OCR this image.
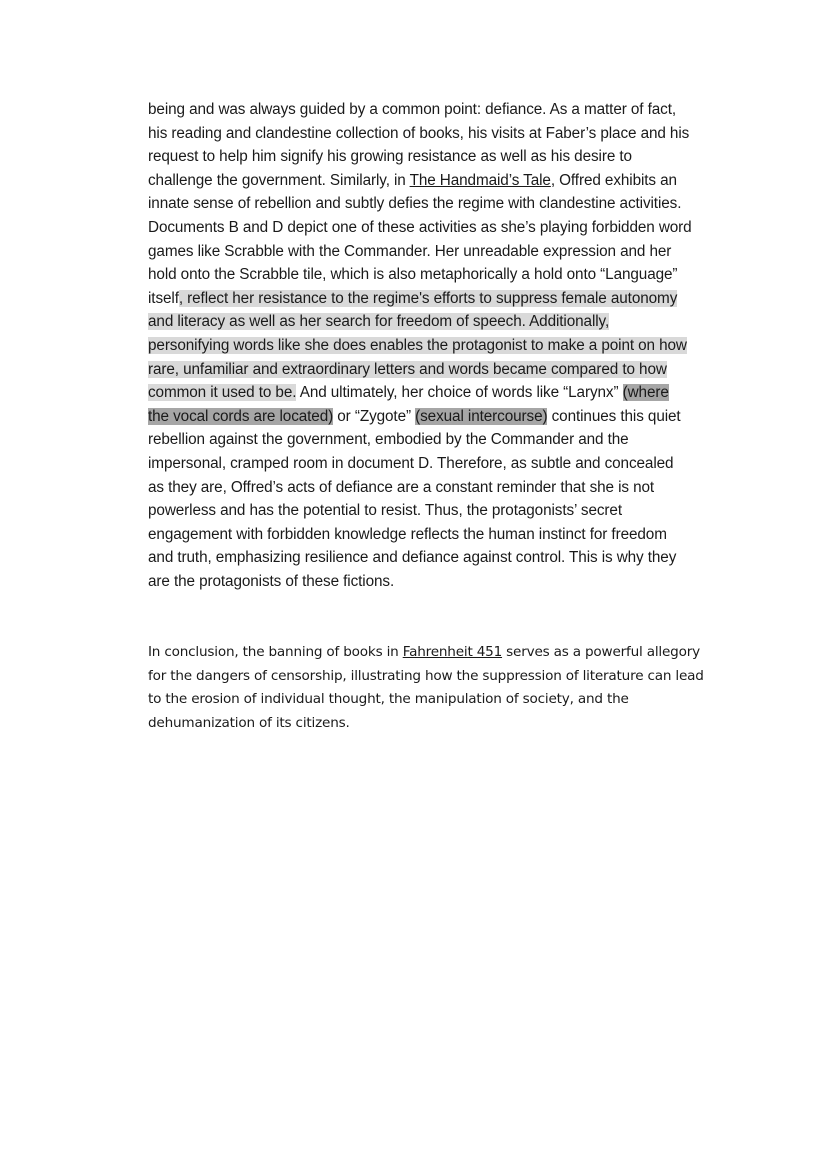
being and was always guided by a common point: defiance. As a matter of fact,
his reading and clandestine collection of books, his visits at Faber’s place and his
request to help him signify his growing resistance as well as his desire to
challenge the government. Similarly, in The Handmaid’s Tale, Offred exhibits an
innate sense of rebellion and subtly defies the regime with clandestine activities.
Documents B and D depict one of these activities as she’s playing forbidden word
games like Scrabble with the Commander. Her unreadable expression and her
hold onto the Scrabble tile, which is also metaphorically a hold onto “Language”
itself, reflect her resistance to the regime's efforts to suppress female autonomy
and literacy as well as her search for freedom of speech. Additionally,
personifying words like she does enables the protagonist to make a point on how
rare, unfamiliar and extraordinary letters and words became compared to how
common it used to be. And ultimately, her choice of words like “Larynx” (where
the vocal cords are located) or “Zygote” (sexual intercourse) continues this quiet
rebellion against the government, embodied by the Commander and the
impersonal, cramped room in document D. Therefore, as subtle and concealed
as they are, Offred’s acts of defiance are a constant reminder that she is not
powerless and has the potential to resist. Thus, the protagonists’ secret
engagement with forbidden knowledge reflects the human instinct for freedom
and truth, emphasizing resilience and defiance against control. This is why they
are the protagonists of these fictions.
In conclusion, the banning of books in Fahrenheit 451 serves as a powerful allegory
for the dangers of censorship, illustrating how the suppression of literature can lead
to the erosion of individual thought, the manipulation of society, and the
dehumanization of its citizens.
